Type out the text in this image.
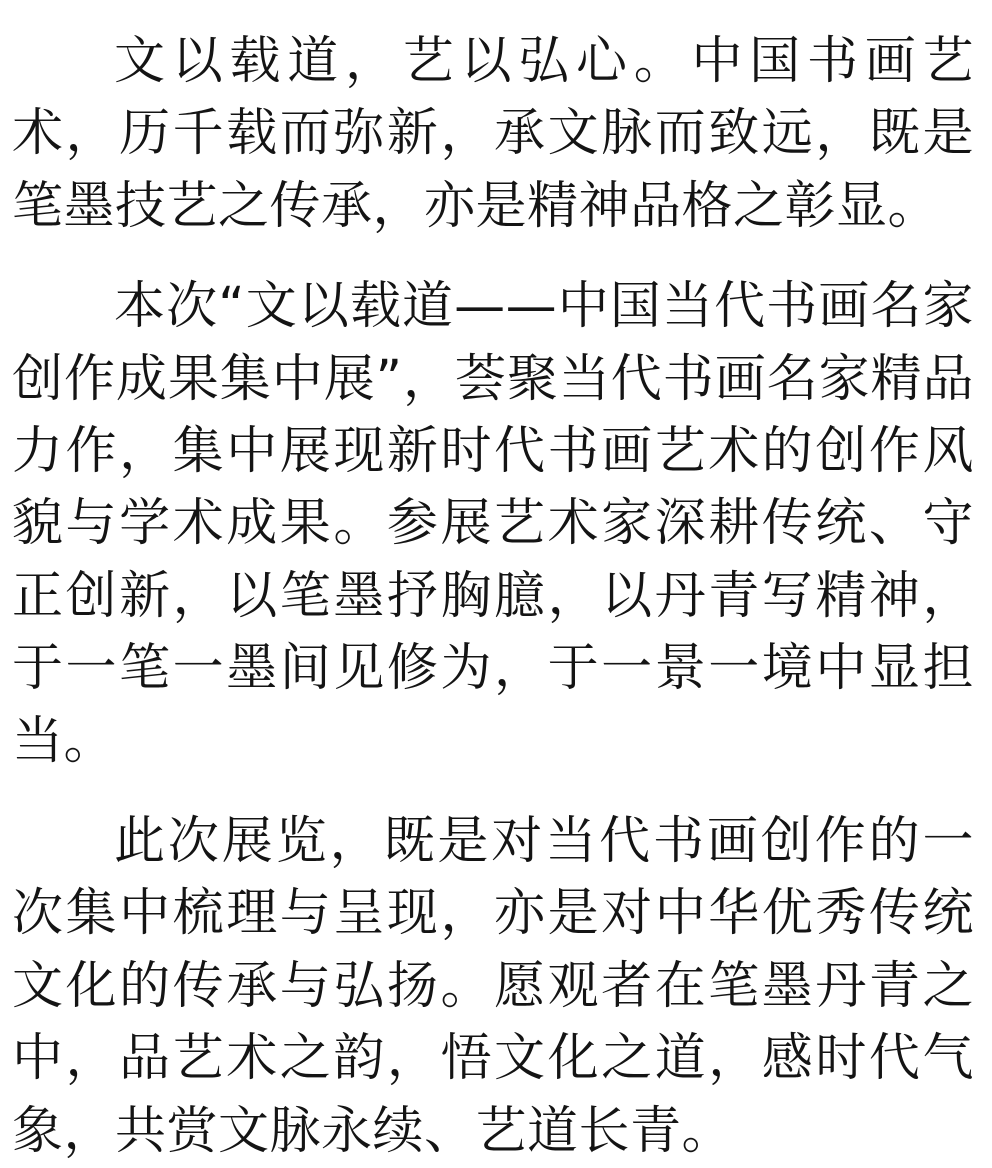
文以载道，艺以弘心。中国书画艺术，历千载而弥新，承文脉而致远，既是笔墨技艺之传承，亦是精神品格之彰显。

本次“文以载道——中国当代书画名家创作成果集中展”，荟聚当代书画名家精品力作，集中展现新时代书画艺术的创作风貌与学术成果。参展艺术家深耕传统、守正创新，以笔墨抒胸臆，以丹青写精神，于一笔一墨间见修为，于一景一境中显担当。

此次展览，既是对当代书画创作的一次集中梳理与呈现，亦是对中华优秀传统文化的传承与弘扬。愿观者在笔墨丹青之中，品艺术之韵，悟文化之道，感时代气象，共赏文脉永续、艺道长青。
